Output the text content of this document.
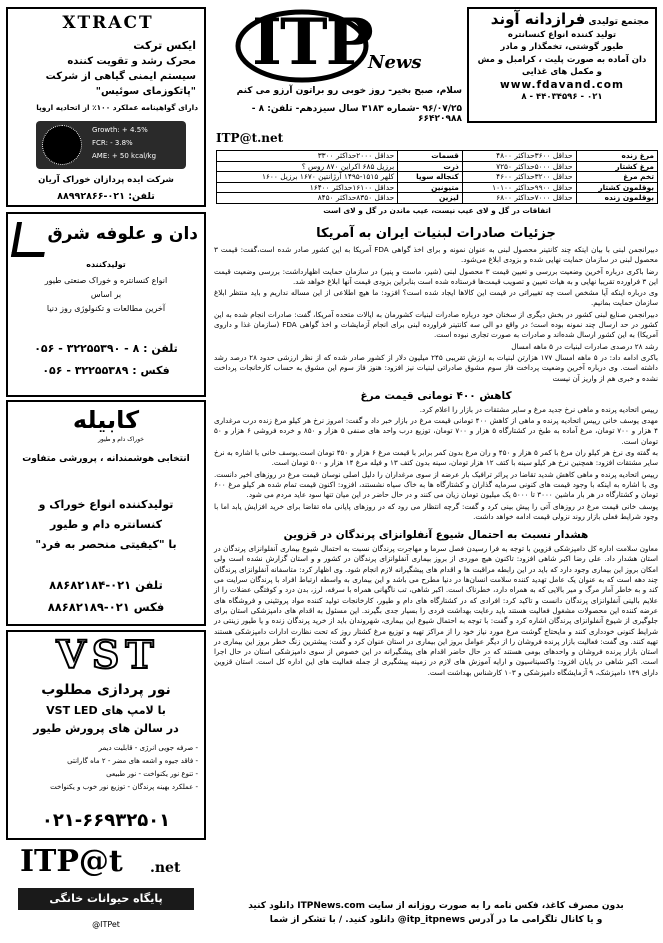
مجتمع تولیدی فرازدانه آوند
تولید کننده انواع کنسانتره
طیور گوشتی، تخمگذار و مادر
دان آماده به صورت پلیت ، کرامبل و مش
و مکمل های غذایی
www.fdavand.com
۰۲۱ - ۴۴۰۳۴۵۹۶ - ۸
ITP
News
سلام، صبح بخیر- روز خوبی رو براتون آرزو می کنم
۹۶/۰۷/۲۵ -شماره ۳۱۸۳ سال سیزدهم- تلفن: ۸ - ۶۶۴۲۰۹۸۸
ITP@t.net
مرغ زنده	حداقل ۳۶۰۰حداکثر ۴۸۰۰	قسمات	حداقل ۲۰۰۰حداکثر ۳۳۰۰
مرغ کشتار	حداقل ۵۰۰۰حداکثر ۷۲۵۰	ذرت	برزیل ۶۸۵ اکراین ۸۷۰ روس ؟
تخم مرغ	حداقل ۳۲۰۰حداکثر ۴۶۰۰	کنجاله سویا	کلهر ۱۵۱۵-۱۴۹۵ آرژانتین ۱۶۷۰ برزیل ۱۶۰۰
بوقلمون کشتار	حداقل ۹۹۰۰حداکثر ۱۰۱۰۰	متیونین	حداقل ۱۶۱۰۰حداکثر ۱۶۴۰۰
بوقلمون زنده	حداقل ۷۰۰۰حداکثر ۶۸۰۰	لیزین	حداقل ۸۳۵۰حداکثر ۸۴۵۰
اتفاقات در گل و لای عیب نیست، عیب ماندن در گل و لای است
جزئیات صادرات لبنیات ایران به آمریکا

دبیرانجمن لبنی با بیان اینکه چند کانتینر محصول لبنی به عنوان نمونه و برای اخذ گواهی FDA آمریکا به این کشور صادر شده است،گفت: قیمت ۳ محصول لبنی در سازمان حمایت نهایی شده و بزودی ابلاغ می‌شود.

رضا باکری درباره آخرین وضعیت بررسی و تعیین قیمت ۳ محصول لبنی (شیر، ماست و پنیر) در سازمان حمایت اظهارداشت: بررسی وضعیت قیمت این ۳ فراورده تقریبا نهایی و به هیات تعیین و تصویب قیمت‌ها فرستاده شده است بنابراین بزودی قیمت آنها ابلاغ خواهد شد.

وی درباره اینکه آیا مشخص است چه تغییراتی در قیمت این کالاها ایجاد شده است؟ افزود: ما هیچ اطلاعی از این مساله نداریم و باید منتظر ابلاغ سازمان حمایت بمانیم.

دبیرانجمن صنایع لبنی کشور در بخش دیگری از سخنان خود درباره صادرات لبنیات کشورمان به ایالات متحده آمریکا، گفت: صادرات انجام شده به این کشور در حد ارسال چند نمونه بوده است؛ در واقع دو الی سه کانتینر فراورده لبنی برای انجام آزمایشات و اخذ گواهی FDA (سازمان غذا و داروی آمریکا) به این کشور ارسال شده‌اند و صادرات به صورت تجاری نبوده است.

رشد ۲۸ درصدی صادرات لبنیات در ۵ ماهه امسال

باکری ادامه داد: در ۵ ماهه امسال ۱۷۷ هزارتن لبنیات به ارزش تقریبی ۲۴۵ میلیون دلار از کشور صادر شده که از نظر ارزشی حدود ۲۸ درصد رشد داشته است. وی درباره آخرین وضعیت پرداخت فاز سوم مشوق صادراتی لبنیات نیز افزود: هنوز فاز سوم این مشوق به حساب کارخانجات پرداخت نشده و خبری هم از واریز آن نیست

کاهش ۴۰۰ تومانی قیمت مرغ

رییس اتحادیه پرنده و ماهی نرخ جدید مرغ و سایر مشتقات در بازار را اعلام کرد.

مهدی یوسف خانی رییس اتحادیه پرنده و ماهی از کاهش ۴۰۰ تومانی قیمت مرغ در بازار خبر داد و گفت: امروز نرخ هر کیلو مرغ زنده درب مرغداری ۴ هزار و ۷۰۰ تومان، مرغ آماده به طبخ در کشتارگاه ۵ هزار و ۷۰۰ تومان، توزیع درب واحد های صنفی ۵ هزار و ۸۵۰ و خرده فروشی ۶ هزار و ۵۰ تومان است.

به گفته وی نرخ هر کیلو ران مرغ با کمر ۵ هزار و ۴۵۰ و ران مرغ بدون کمر برابر با قیمت مرغ ۶ هزار و ۴۵۰ تومان است.یوسف خانی با اشاره به نرخ سایر مشتقات افزود: همچنین نرخ هر کیلو سینه با کتف ۱۲ هزار تومان، سینه بدون کتف ۱۳ و فیله مرغ ۱۴ هزار و ۵۰۰ تومان است.

رییس اتحادیه پرنده و ماهی کاهش شدید تقاضا در پراثر ترافیک بار عرضه از سوی مرغداران را دلیل اصلی نوسان قیمت مرغ در روزهای اخیر دانست. وی با اشاره به اینکه با وجود قیمت های کنونی سرمایه گذاران و کشتارگاه ها به خاک سیاه نشستند، افزود: اکنون قیمت تمام شده هر کیلو مرغ ۶۰۰ تومان و کشتارگاه در هر بار ماشین ۳۰۰۰ تا ۵۰۰۰ یک میلیون تومان زیان می کنند و در حال حاضر در این میان تنها سود عاید مردم می شود.

یوسف خانی قیمت مرغ در روزهای آتی را پیش بینی کرد و گفت: گرچه انتظار می رود که در روزهای پایانی ماه تقاضا برای خرید افزایش یابد اما با وجود شرایط فعلی بازار روند نزولی قیمت ادامه خواهد داشت.

هشدار نسبت به احتمال شیوع آنفلوانزای پرندگان در قزوین

معاون سلامت اداره کل دامپزشکی قزوین با توجه به فرا رسیدن فصل سرما و مهاجرت پرندگان نسبت به احتمال شیوع بیماری آنفلوانزای پرندگان در استان هشدار داد. علی رضا اکبر شاهی افزود: تاکنون هیچ موردی از بروز بیماری آنفلوانزای پرندگان در کشور و و استان گزارش نشده است ولی امکان بروز این بیماری وجود دارد که باید در این رابطه مراقبت ها و اقدام های پیشگیرانه لازم انجام شود. وی اظهار کرد: متاسفانه آنفلوانزای پرندگان چند دهه است که به عنوان یک عامل تهدید کننده سلامت انسان‌ها در دنیا مطرح می باشد و این بیماری به واسطه ارتباط افراد با پرندگان سرایت می کند و به خاطر آمار مرگ و میر بالایی که به همراه دارد، خطرناک است. اکبر شاهی، تب ناگهانی همراه با سرفه، لرز، بدن درد و کوفتگی عضلات را از علایم بالینی آنفلوانزای پرندگان دانست و تاکید کرد: افرادی که در کشتارگاه های دام و طیور، کارخانجات تولید کننده مواد پروتئینی و فروشگاه های عرضه کننده این محصولات مشغول فعالیت هستند باید رعایت بهداشت فردی را بسیار جدی بگیرند. این مسئول به اقدام های دامپزشکی استان برای جلوگیری از شیوع آنفلوانزای پرندگان اشاره کرد و گفت: با توجه به احتمال شیوع این بیماری، شهروندان باید از خرید پرندگان زنده و یا طیور زینتی در شرایط کنونی خودداری کنند و مایحتاج گوشت مرغ مورد نیاز خود را از مراکز تهیه و توزیع مرغ کشتار روز که تحت نظارت ادارات دامپزشکی هستند تهیه کنند. وی گفت: فعالیت بازار پرنده فروشان را از دیگر عوامل بروز این بیماری در استان عنوان کرد و گفت: پیشترین زنگ خطر بروز این بیماری در استان بازار پرنده فروشان و واحدهای بومی هستند که در حال حاضر اقدام های پیشگیرانه در این خصوص از سوی دامپزشکی استان در حال اجرا است. اکبر شاهی در پایان افزود: واکسیناسیون و ارایه آموزش های لازم در زمینه پیشگیری از جمله فعالیت های این اداره کل است. استان قزوین دارای ۱۴۹ دامپزشک، ۹ آزمایشگاه دامپزشکی و ۱۰۳ کارشناس بهداشت است.

بدون مصرف کاغذ، فکس نامه را به صورت روزانه از سایت ITPNews.com دانلود کنید
و یا کانال تلگرامی ما در آدرس itp_itpnews@ دانلود کنید. / با تشکر از شما
XTRACT
ایکس ترکت
محرک رشد و تقویت کننده
سیستم ایمنی گیاهی از شرکت
"پاتکوزمای سوئیس"
دارای گواهینامه عملکرد ۱۰۰٪ از اتحادیه اروپا
Growth: + 4.5%
FCR: - 3.8%
AME: + 50 kcal/kg
شرکت ایده پردازان خوراک آریان
تلفن: ۰۲۱-۸۸۹۹۲۸۶۶
دان و علوفه شرق
تولیدکننده
انواع کنسانتره و خوراک صنعتی طیور
بر اساس
آخرین مطالعات و تکنولوژی روز دنیا
تلفن : ۸ - ۳۲۲۵۵۳۹۰ - ۰۵۶
فکس : ۳۲۲۵۵۳۸۹ - ۰۵۶
کابیله
خوراک دام و طیور
انتخابی هوشمندانه ، پرورشی متفاوت
تولیدکننده انواع خوراک و
کنسانتره دام و طیور
با "کیفیتی منحصر به فرد"
تلفن ۰۲۱-۸۸۶۸۲۱۸۴
فکس ۰۲۱-۸۸۶۸۲۱۸۹
VST
نور پردازی مطلوب
با لامپ های VST LED
در سالن های پرورش طیور
- صرفه جویی انرژی - قابلیت دیمر
- فاقد جیوه و اشعه های مضر - ۲ ماه گارانتی
- تنوع نور یکنواخت - نور طبیعی
- عملکرد بهینه پرندگان - توزیع نور خوب و یکنواخت
۰۲۱-۶۶۹۳۲۵۰۱
ITP@t .net
پایگاه حیوانات خانگی
@ITPet
